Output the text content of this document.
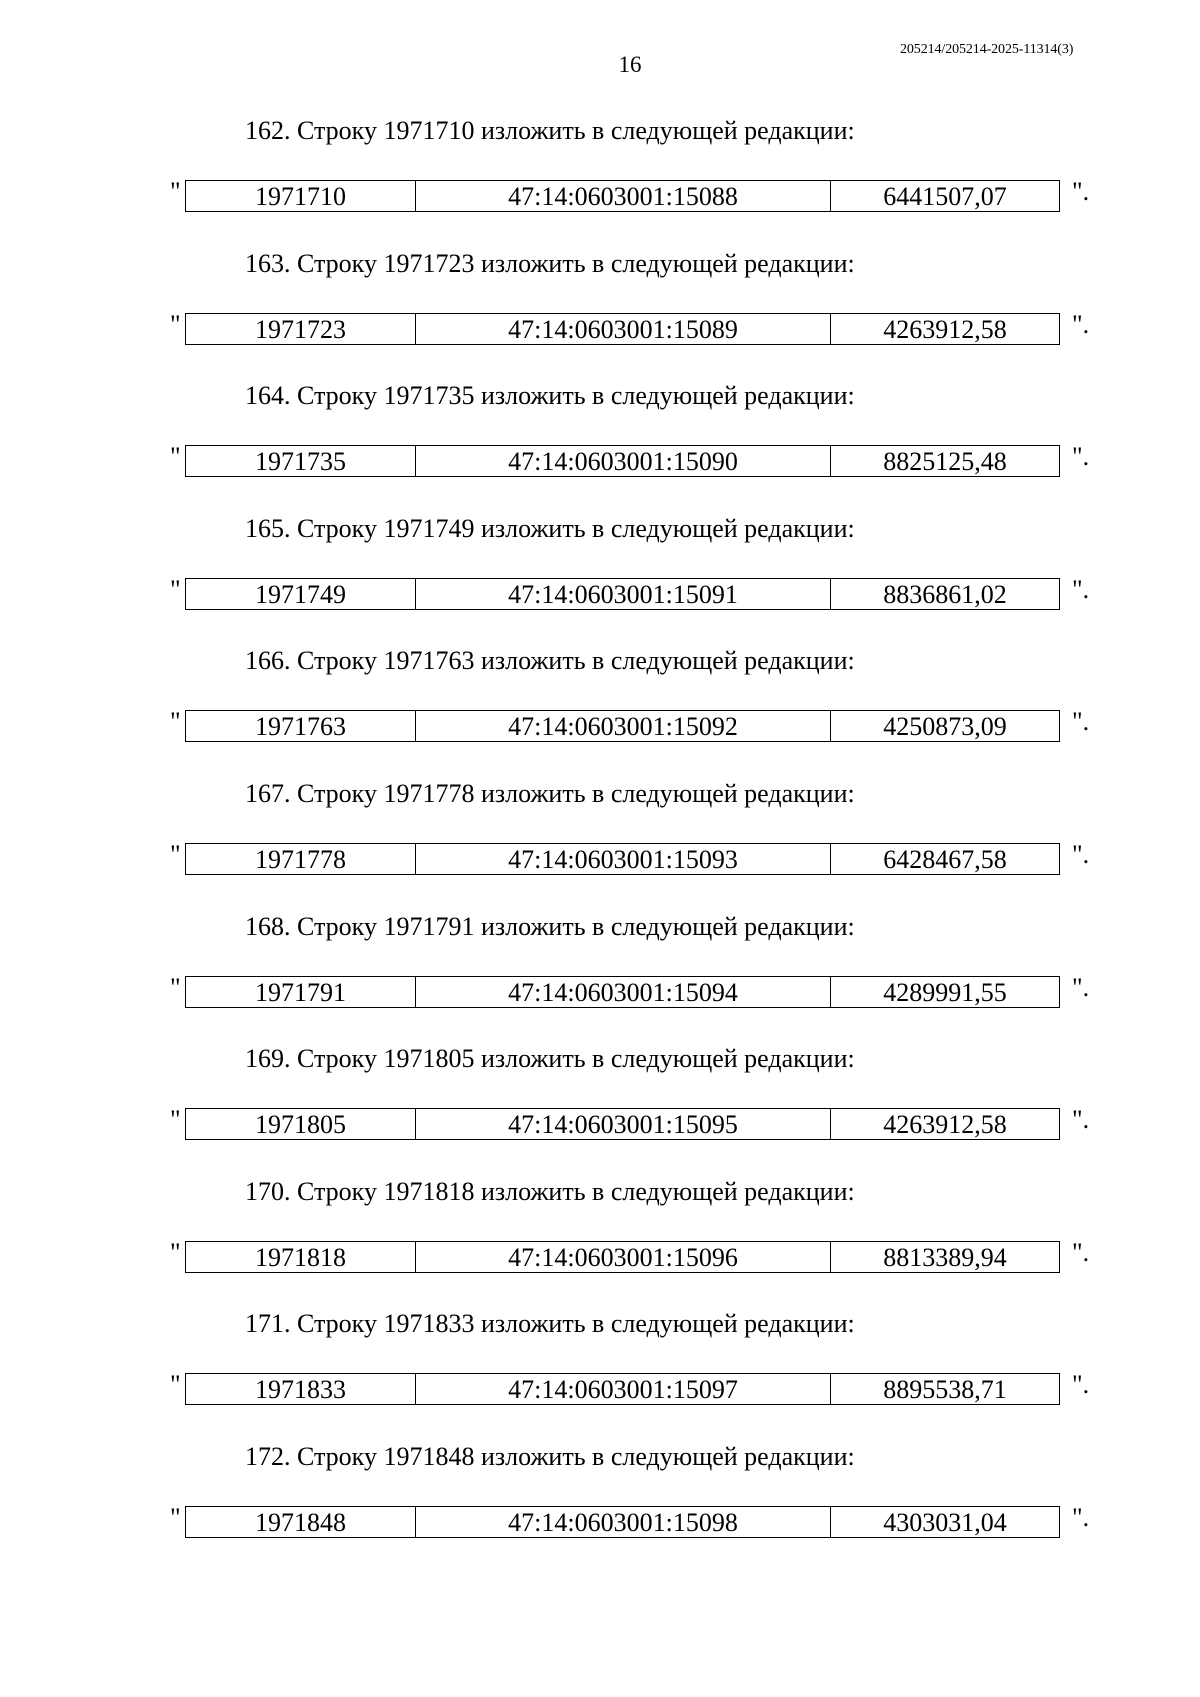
16
205214/205214-2025-11314(3)
162. Строку 1971710 изложить в следующей редакции:
"	1971710	47:14:0603001:15088	6441507,07	".
163. Строку 1971723 изложить в следующей редакции:
"	1971723	47:14:0603001:15089	4263912,58	".
164. Строку 1971735 изложить в следующей редакции:
"	1971735	47:14:0603001:15090	8825125,48	".
165. Строку 1971749 изложить в следующей редакции:
"	1971749	47:14:0603001:15091	8836861,02	".
166. Строку 1971763 изложить в следующей редакции:
"	1971763	47:14:0603001:15092	4250873,09	".
167. Строку 1971778 изложить в следующей редакции:
"	1971778	47:14:0603001:15093	6428467,58	".
168. Строку 1971791 изложить в следующей редакции:
"	1971791	47:14:0603001:15094	4289991,55	".
169. Строку 1971805 изложить в следующей редакции:
"	1971805	47:14:0603001:15095	4263912,58	".
170. Строку 1971818 изложить в следующей редакции:
"	1971818	47:14:0603001:15096	8813389,94	".
171. Строку 1971833 изложить в следующей редакции:
"	1971833	47:14:0603001:15097	8895538,71	".
172. Строку 1971848 изложить в следующей редакции:
"	1971848	47:14:0603001:15098	4303031,04	".
